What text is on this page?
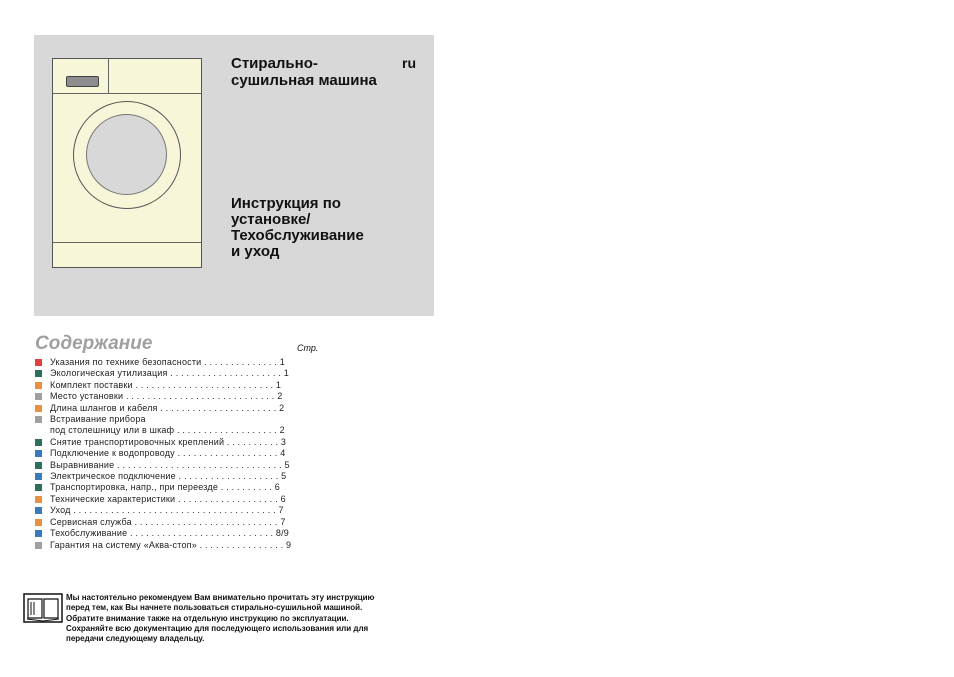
Стирально-
сушильная машина
ru
Инструкция по
установке/
Техобслуживание
и уход
Содержание	Стр.
Указания по технике безопасности . . . . . . . . . . . . . . 1
Экологическая утилизация . . . . . . . . . . . . . . . . . . . . . 1
Комплект поставки . . . . . . . . . . . . . . . . . . . . . . . . . . 1
Место установки . . . . . . . . . . . . . . . . . . . . . . . . . . . . 2
Длина шлангов и кабеля . . . . . . . . . . . . . . . . . . . . . . 2
Встраивание прибора
под столешницу или в шкаф . . . . . . . . . . . . . . . . . . . 2
Снятие транспортировочных креплений . . . . . . . . . . 3
Подключение к водопроводу . . . . . . . . . . . . . . . . . . . 4
Выравнивание . . . . . . . . . . . . . . . . . . . . . . . . . . . . . . . 5
Электрическое подключение . . . . . . . . . . . . . . . . . . . 5
Транспортировка, напр., при переезде . . . . . . . . . . 6
Технические характеристики . . . . . . . . . . . . . . . . . . . 6
Уход . . . . . . . . . . . . . . . . . . . . . . . . . . . . . . . . . . . . . . 7
Сервисная служба . . . . . . . . . . . . . . . . . . . . . . . . . . . 7
Техобслуживание . . . . . . . . . . . . . . . . . . . . . . . . . . . 8/9
Гарантия на систему «Аква-стоп» . . . . . . . . . . . . . . . . 9
Мы настоятельно рекомендуем Вам внимательно прочитать эту инструкцию
перед тем, как Вы начнете пользоваться стирально-сушильной машиной.
Обратите внимание также на отдельную инструкцию по эксплуатации.
Сохраняйте всю документацию для последующего использования или для
передачи следующему владельцу.
